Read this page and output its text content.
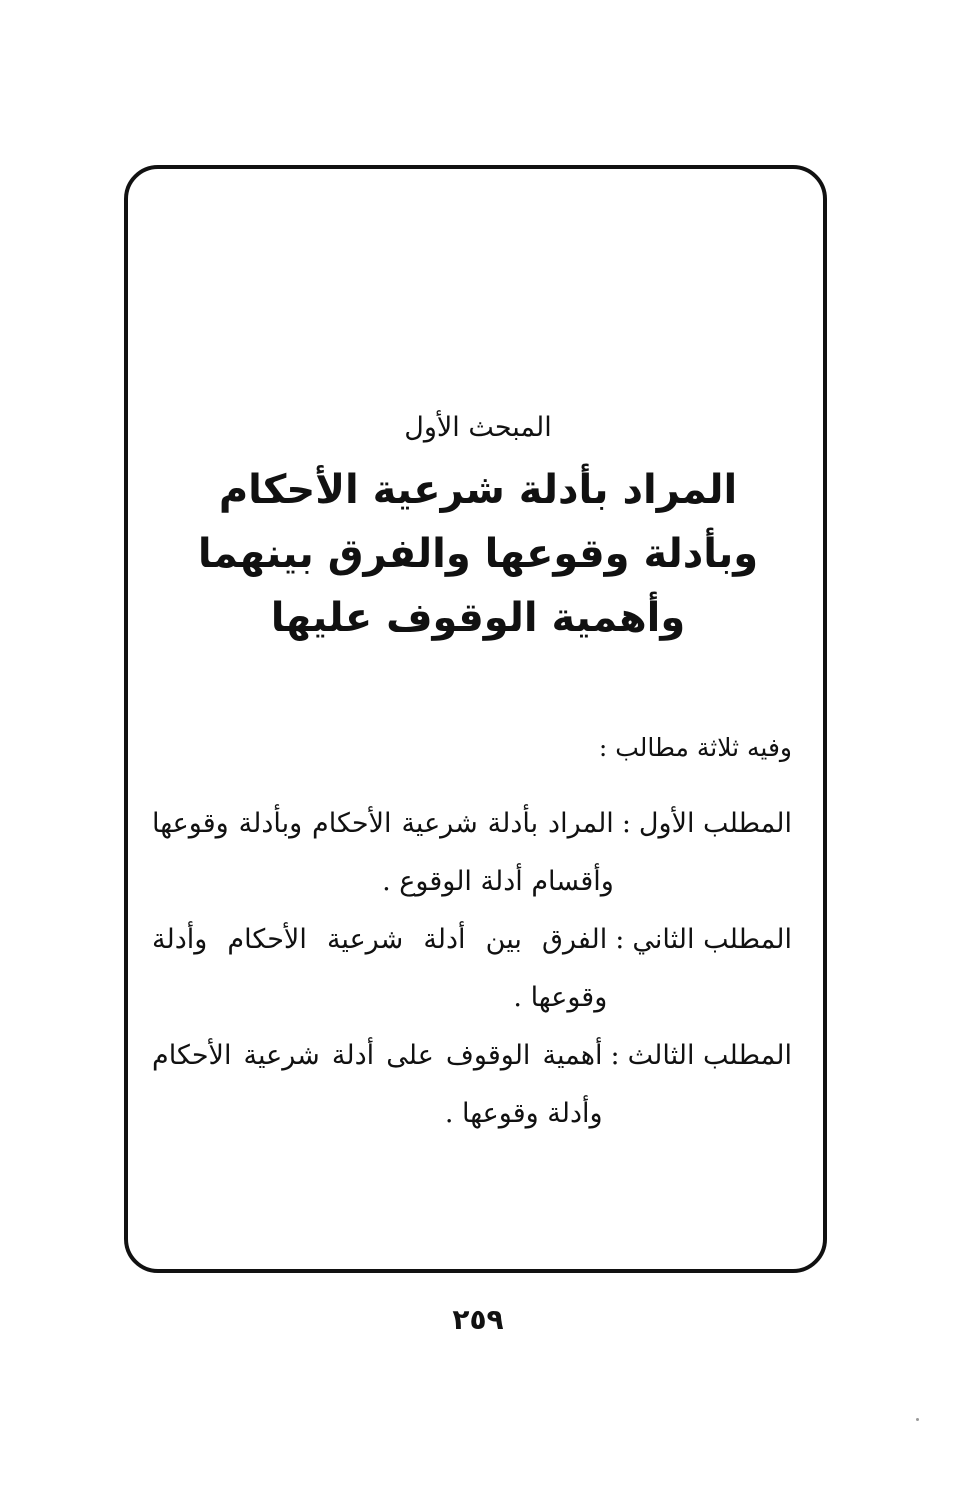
المبحث الأول
المراد بأدلة شرعية الأحكام
وبأدلة وقوعها والفرق بينهما
وأهمية الوقوف عليها
وفيه ثلاثة مطالب :
المطلب الأول
:
المراد بأدلة شرعية الأحكام وبأدلة وقوعها وأقسام أدلة الوقوع .
المطلب الثاني
:
الفرق بين أدلة شرعية الأحكام وأدلة وقوعها .
المطلب الثالث
:
أهمية الوقوف على أدلة شرعية الأحكام وأدلة وقوعها .
٢٥٩
